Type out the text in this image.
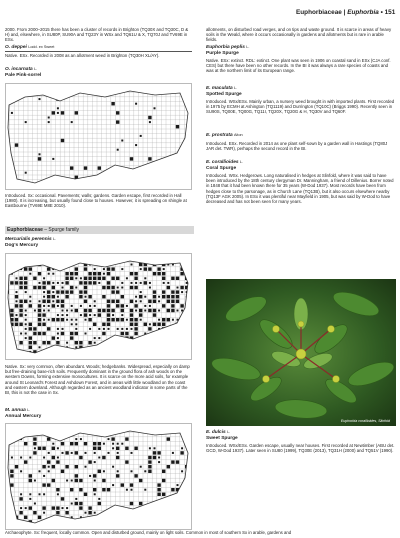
Euphorbiaceae | Euphorbia • 151
2000. From 2000–2015 there has been a cluster of records in Brighton (TQ30X and TQ30C, D & H) and, elsewhere, in SU80P, SU90A and TQ23Y in WSx and TQ61U & X, TQ70J and TV69E in ESx.
O. deppei Lodd. ex Sweet
Native. ESx. Recorded in 2008 as an allotment weed in Brighton (TQ30H XL/AY).
O. incarnata L.
Pale Pink-sorrel
Introduced. Sx: occasional. Pavements; walls; gardens. Garden escape, first recorded in Hall (1980). It is increasing, but usually found close to houses. However, it is spreading on shingle at Eastbourne (TV69E M8E 2010).
Euphorbiaceae – Spurge family
Mercurialis perennis L.
Dog's Mercury
Native. Sx: very common, often abundant. Woods; hedgebanks. Widespread, especially on damp but free-draining base-rich soils. Frequently dominant in the ground flora of ash woods on the western Downs, forming extensive monocultures. It is scarce on the more acid soils, for example around St Leonard's Forest and Ashdown Forest, and in areas with little woodland on the coast and eastern downland. Although regarded as an ancient woodland indicator in some parts of the BI, this is not the case in Sx.
M. annua L.
Annual Mercury
Archaeophyte. Sx: frequent, locally common. Open and disturbed ground, mainly on light soils. Common in most of southern Sx in arable, gardens and
allotments, on disturbed road verges, and on tips and waste ground. It is scarce in areas of heavy soils in the Weald, where it occurs occasionally in gardens and allotments but is rare in arable fields.
Euphorbia peplis L.
Purple Spurge
Native. ESx: extinct. RDL: extinct. One plant was seen in 1906 on coastal sand in ESx (CJA conf. CES) but there have been no other records. In the BI it was always a rare species of coasts and was at the northern limit of its European range.
E. maculata L.
Spotted Spurge
Introduced. WSx/ESx. Mainly urban, a nursery weed brought in with imported plants. First recorded in 1975 by ECMH at Ashington (TQ1119) and Durrington (TQ10C) (Briggs 1990). Recently seen in SU90S, TQ00E, TQ00G, TQ11I, TQ20X, TQ20G & H, TQ30V and TQ60F.
E. prostrata Aiton
Introduced. ESx. Recorded in 2014 as one plant self-sown by a garden wall in Hastings (TQ80J JAR det. TWR), perhaps the second record in the BI.
E. corallioides L.
Coral Spurge
Introduced. WSx. Hedgerows. Long naturalised in hedges at Slinfold, where it was said to have been introduced by the 18th century clergyman Dr. Manningham, a friend of Dillenius. Borrer noted in 1848 that it had been known there for 35 years (W-Dod 1937). Most records have been from hedges close to the parsonage, as in Church Lane (TQ13B), but it also occurs elsewhere nearby (TQ13F AGK 2005). In ESx it was plentiful near Mayfield in 1905, but was said by W-Dod to have decreased and has not been seen for many years.
Euphorbia corallioides, Slinfold
E. dulcis L.
Sweet Spurge
Introduced. WSx/ESx. Garden escape, usually near houses. First recorded at Newtimber (ABU det. GCD, W-Dod 1937). Later seen in SU80 (1999), TQ30E (2013), TQ31H (2000) and TQ51V (1990).
